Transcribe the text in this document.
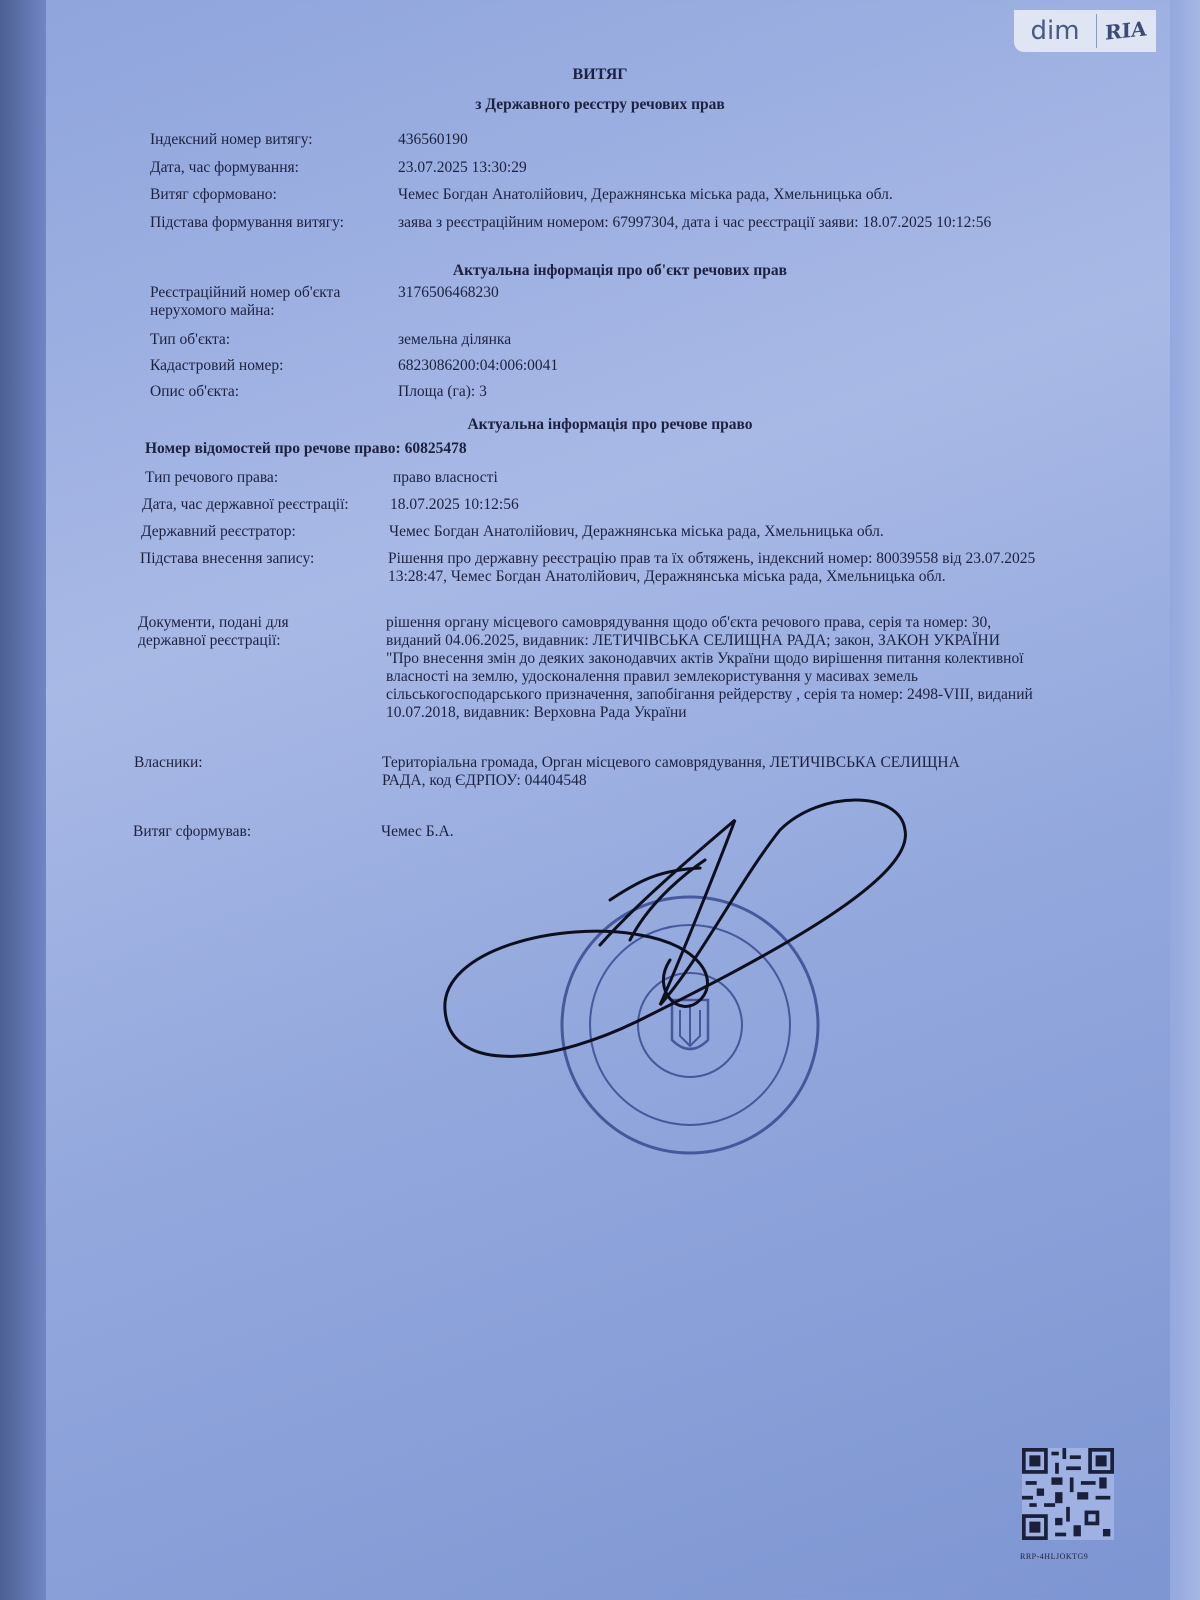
dim	RIA
ВИТЯГ
з Державного реєстру речових прав
Індексний номер витягу:	436560190
Дата, час формування:	23.07.2025 13:30:29
Витяг сформовано:	Чемес Богдан Анатолійович, Деражнянська міська рада, Хмельницька обл.
Підстава формування витягу:	заява з реєстраційним номером: 67997304, дата і час реєстрації заяви: 18.07.2025 10:12:56
Актуальна інформація про об'єкт речових прав
Реєстраційний номер об'єкта нерухомого майна:
3176506468230
Тип об'єкта:	земельна ділянка
Кадастровий номер:	6823086200:04:006:0041
Опис об'єкта:	Площа (га): 3
Актуальна інформація про речове право
Номер відомостей про речове право: 60825478
Тип речового права:	право власності
Дата, час державної реєстрації:	18.07.2025 10:12:56
Державний реєстратор:	Чемес Богдан Анатолійович, Деражнянська міська рада, Хмельницька обл.
Підстава внесення запису:	Рішення про державну реєстрацію прав та їх обтяжень, індексний номер: 80039558 від 23.07.2025 13:28:47, Чемес Богдан Анатолійович, Деражнянська міська рада, Хмельницька обл.
Документи, подані для державної реєстрації:
рішення органу місцевого самоврядування щодо об'єкта речового права, серія та номер: 30, виданий 04.06.2025, видавник: ЛЕТИЧІВСЬКА СЕЛИЩНА РАДА; закон, ЗАКОН УКРАЇНИ "Про внесення змін до деяких законодавчих актів України щодо вирішення питання колективної власності на землю, удосконалення правил землекористування у масивах земель сільськогосподарського призначення, запобігання рейдерству , серія та номер: 2498-VIII, виданий 10.07.2018, видавник: Верховна Рада України
Власники:	Територіальна громада, Орган місцевого самоврядування, ЛЕТИЧІВСЬКА СЕЛИЩНА РАДА, код ЄДРПОУ: 04404548
Витяг сформував:	Чемес Б.А.
RRP-4HLJOKTG9
